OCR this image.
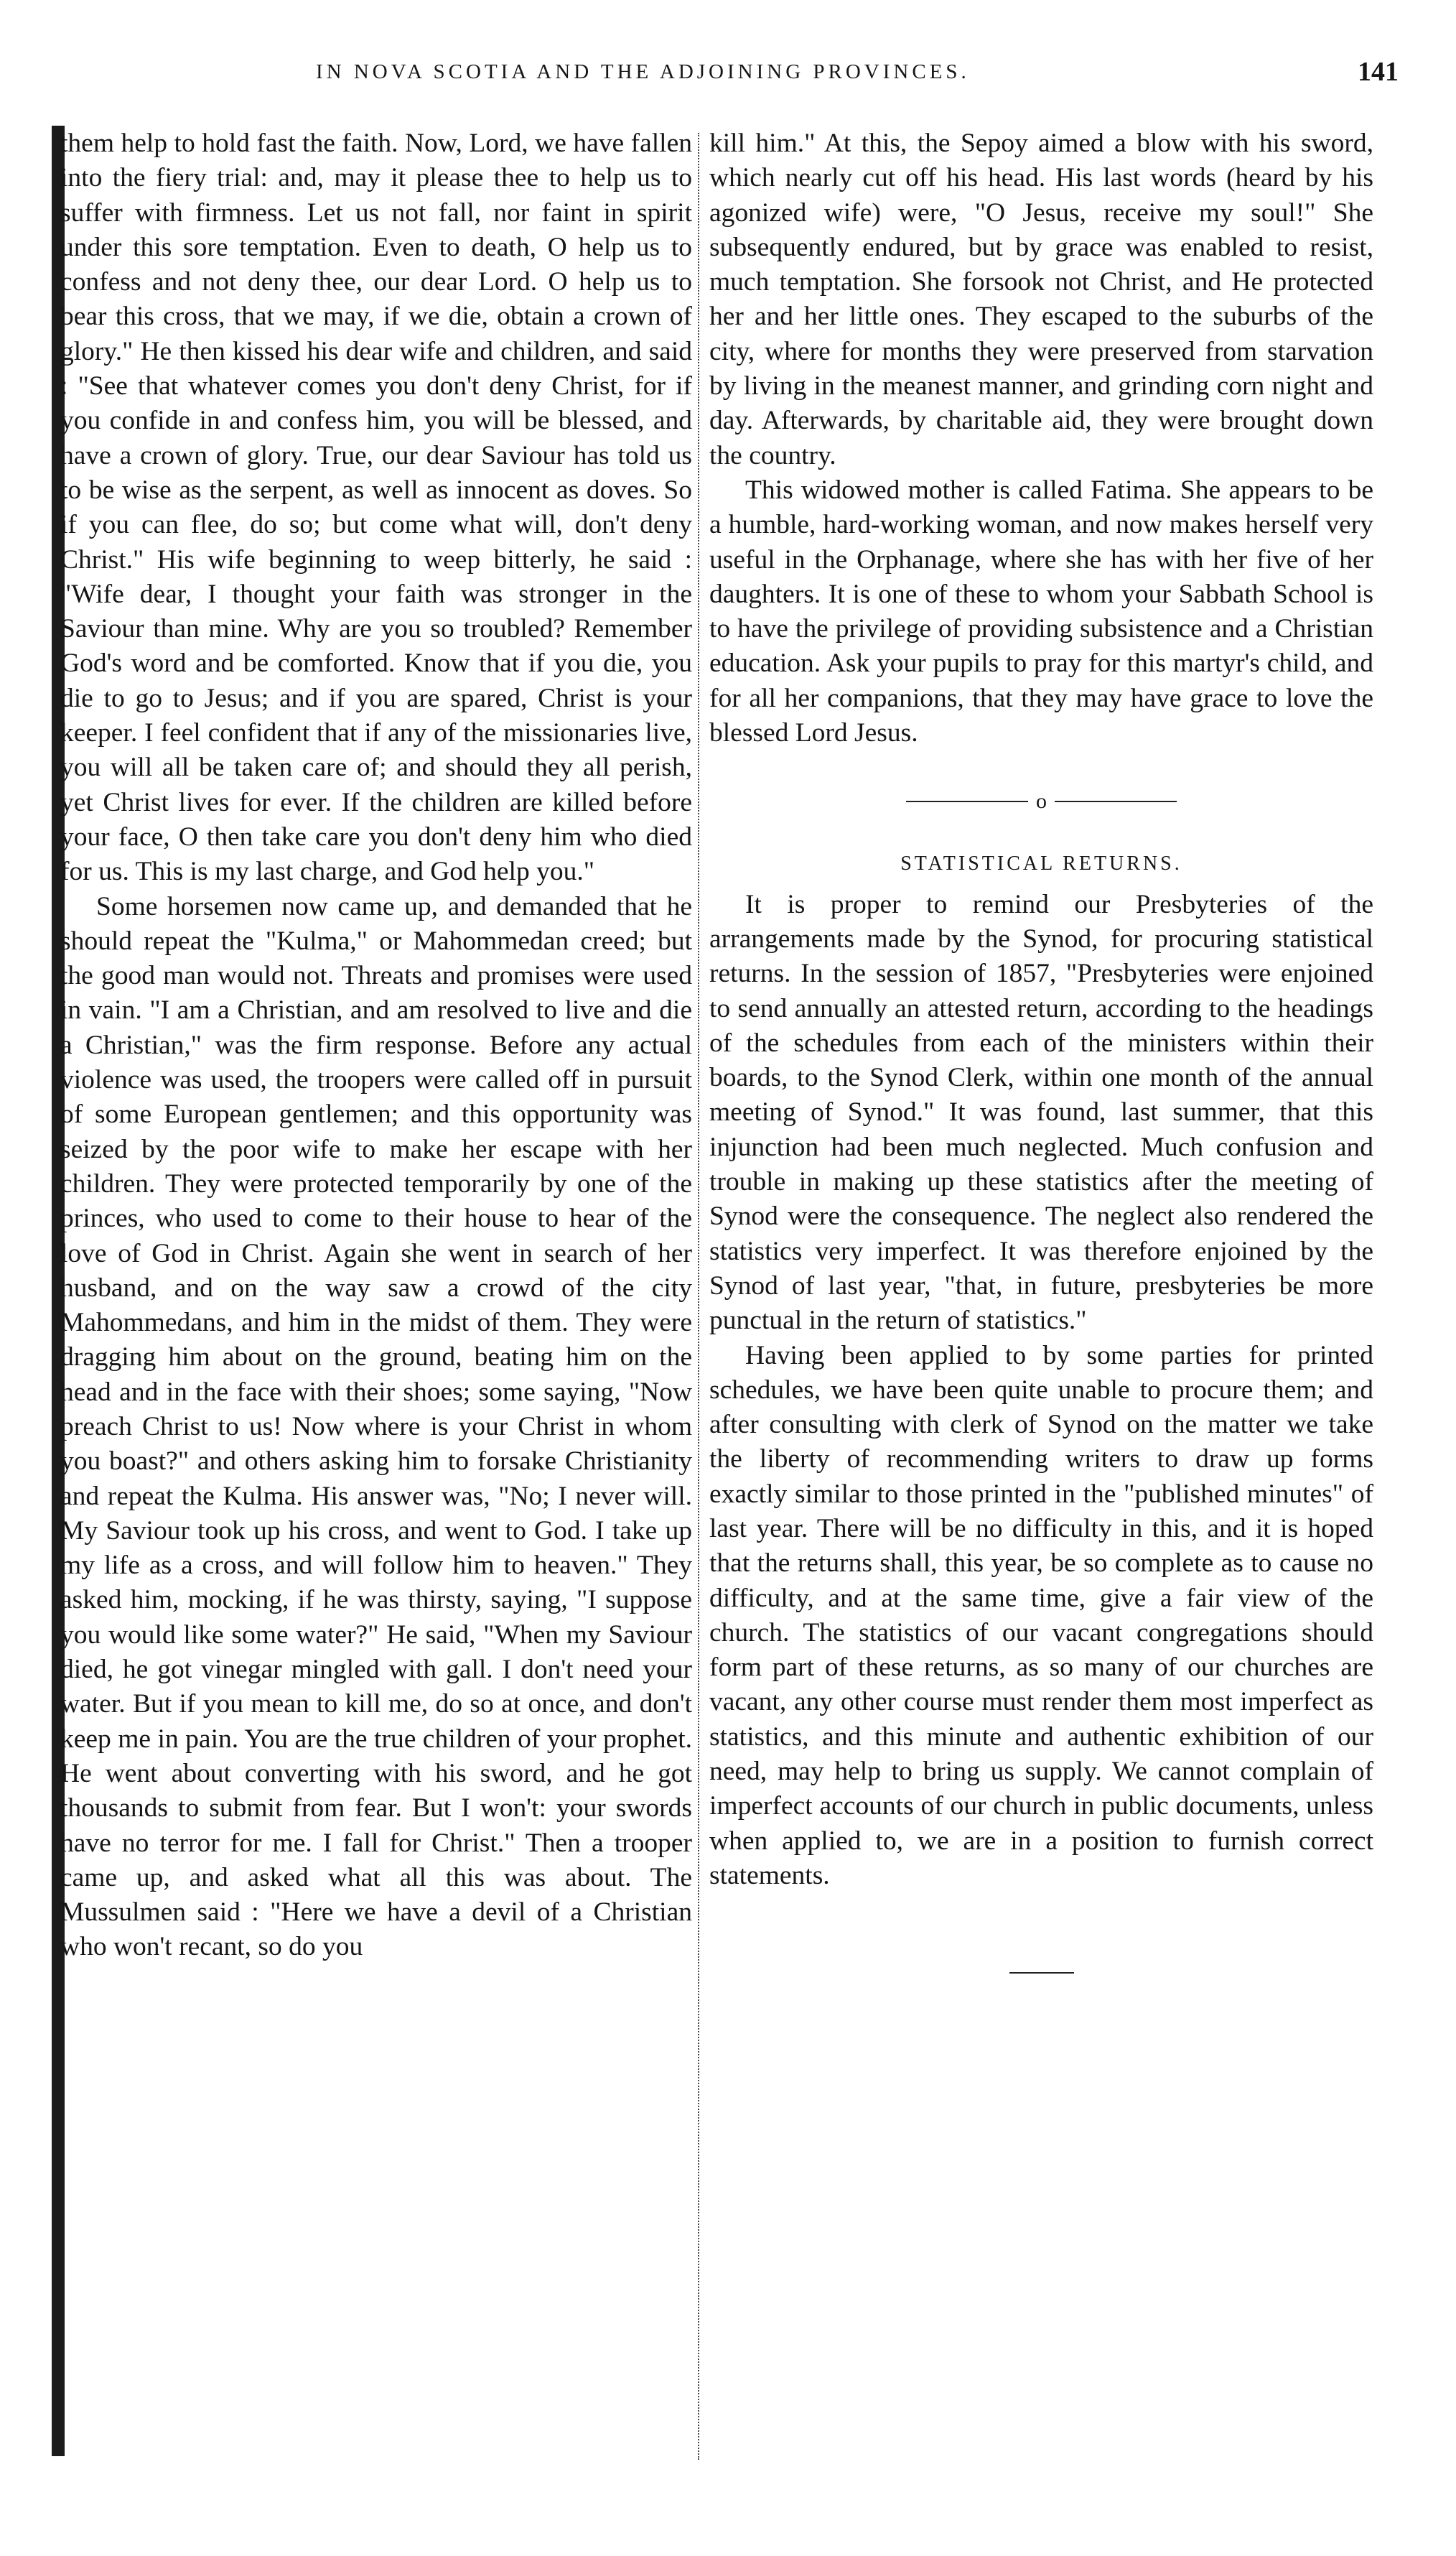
IN NOVA SCOTIA AND THE ADJOINING PROVINCES.	141

them help to hold fast the faith. Now, Lord, we have fallen into the fiery trial: and, may it please thee to help us to suffer with firmness. Let us not fall, nor faint in spirit under this sore temptation. Even to death, O help us to confess and not deny thee, our dear Lord. O help us to bear this cross, that we may, if we die, obtain a crown of glory." He then kissed his dear wife and children, and said : "See that whatever comes you don't deny Christ, for if you confide in and confess him, you will be blessed, and have a crown of glory. True, our dear Saviour has told us to be wise as the serpent, as well as innocent as doves. So if you can flee, do so; but come what will, don't deny Christ." His wife beginning to weep bitterly, he said : "Wife dear, I thought your faith was stronger in the Saviour than mine. Why are you so troubled? Remember God's word and be comforted. Know that if you die, you die to go to Jesus; and if you are spared, Christ is your keeper. I feel confident that if any of the missionaries live, you will all be taken care of; and should they all perish, yet Christ lives for ever. If the children are killed before your face, O then take care you don't deny him who died for us. This is my last charge, and God help you."

Some horsemen now came up, and demanded that he should repeat the "Kulma," or Mahommedan creed; but the good man would not. Threats and promises were used in vain. "I am a Christian, and am resolved to live and die a Christian," was the firm response. Before any actual violence was used, the troopers were called off in pursuit of some European gentlemen; and this opportunity was seized by the poor wife to make her escape with her children. They were protected temporarily by one of the princes, who used to come to their house to hear of the love of God in Christ. Again she went in search of her husband, and on the way saw a crowd of the city Mahommedans, and him in the midst of them. They were dragging him about on the ground, beating him on the head and in the face with their shoes; some saying, "Now preach Christ to us! Now where is your Christ in whom you boast?" and others asking him to forsake Christianity and repeat the Kulma. His answer was, "No; I never will. My Saviour took up his cross, and went to God. I take up my life as a cross, and will follow him to heaven." They asked him, mocking, if he was thirsty, saying, "I suppose you would like some water?" He said, "When my Saviour died, he got vinegar mingled with gall. I don't need your water. But if you mean to kill me, do so at once, and don't keep me in pain. You are the true children of your prophet. He went about converting with his sword, and he got thousands to submit from fear. But I won't: your swords have no terror for me. I fall for Christ." Then a trooper came up, and asked what all this was about. The Mussulmen said : "Here we have a devil of a Christian who won't recant, so do you

kill him." At this, the Sepoy aimed a blow with his sword, which nearly cut off his head. His last words (heard by his agonized wife) were, "O Jesus, receive my soul!" She subsequently endured, but by grace was enabled to resist, much temptation. She forsook not Christ, and He protected her and her little ones. They escaped to the suburbs of the city, where for months they were preserved from starvation by living in the meanest manner, and grinding corn night and day. Afterwards, by charitable aid, they were brought down the country.

This widowed mother is called Fatima. She appears to be a humble, hard-working woman, and now makes herself very useful in the Orphanage, where she has with her five of her daughters. It is one of these to whom your Sabbath School is to have the privilege of providing subsistence and a Christian education. Ask your pupils to pray for this martyr's child, and for all her companions, that they may have grace to love the blessed Lord Jesus.

o
STATISTICAL RETURNS.

It is proper to remind our Presbyteries of the arrangements made by the Synod, for procuring statistical returns. In the session of 1857, "Presbyteries were enjoined to send annually an attested return, according to the headings of the schedules from each of the ministers within their boards, to the Synod Clerk, within one month of the annual meeting of Synod." It was found, last summer, that this injunction had been much neglected. Much confusion and trouble in making up these statistics after the meeting of Synod were the consequence. The neglect also rendered the statistics very imperfect. It was therefore enjoined by the Synod of last year, "that, in future, presbyteries be more punctual in the return of statistics."

Having been applied to by some parties for printed schedules, we have been quite unable to procure them; and after consulting with clerk of Synod on the matter we take the liberty of recommending writers to draw up forms exactly similar to those printed in the "published minutes" of last year. There will be no difficulty in this, and it is hoped that the returns shall, this year, be so complete as to cause no difficulty, and at the same time, give a fair view of the church. The statistics of our vacant congregations should form part of these returns, as so many of our churches are vacant, any other course must render them most imperfect as statistics, and this minute and authentic exhibition of our need, may help to bring us supply. We cannot complain of imperfect accounts of our church in public documents, unless when applied to, we are in a position to furnish correct statements.
